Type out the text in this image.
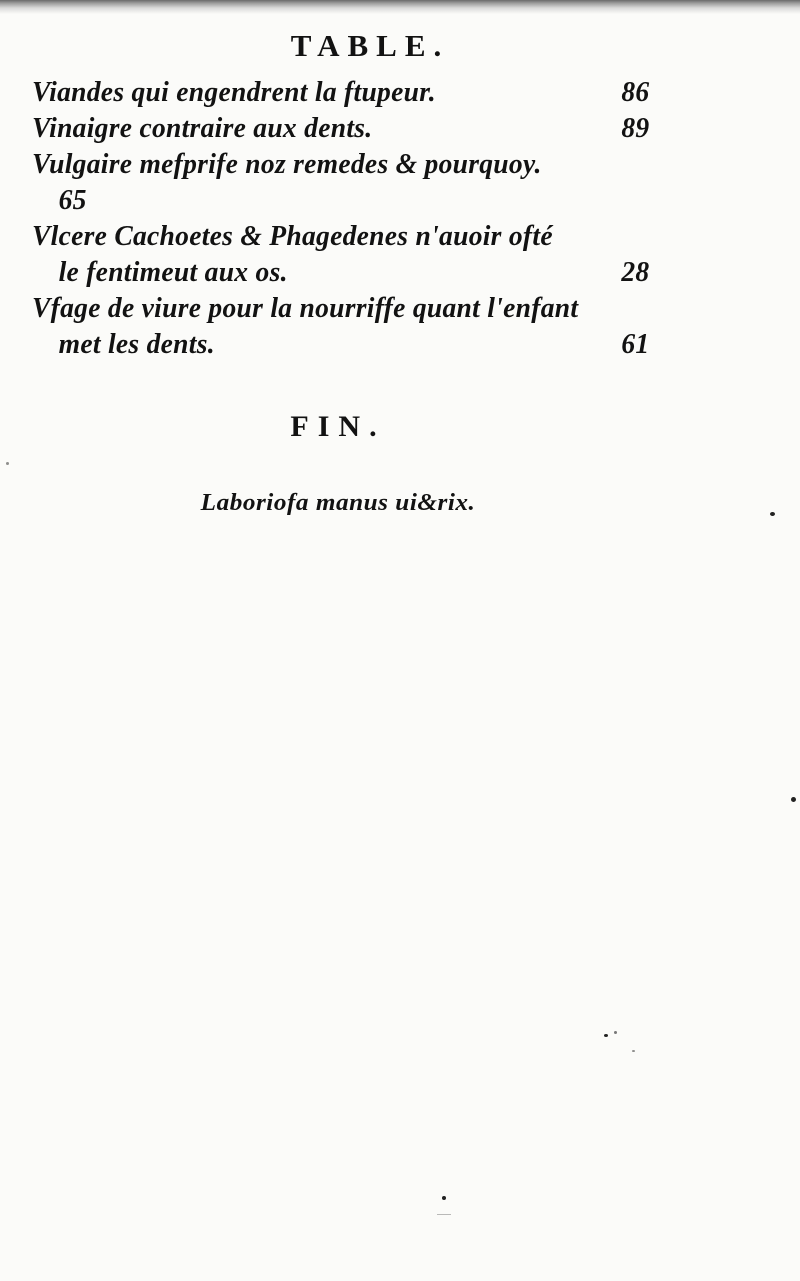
TABLE.
Viandes qui engendrent la ftupeur.	86
Vinaigre contraire aux dents.	89
Vulgaire mefprife noz remedes & pourquoy.
65
Vlcere Cachoetes & Phagedenes n'auoir ofté
le fentimeut aux os.	28
Vfage de viure pour la nourriffe quant l'enfant
met les dents.	61
FIN.
Laboriofa manus ui&rix.
